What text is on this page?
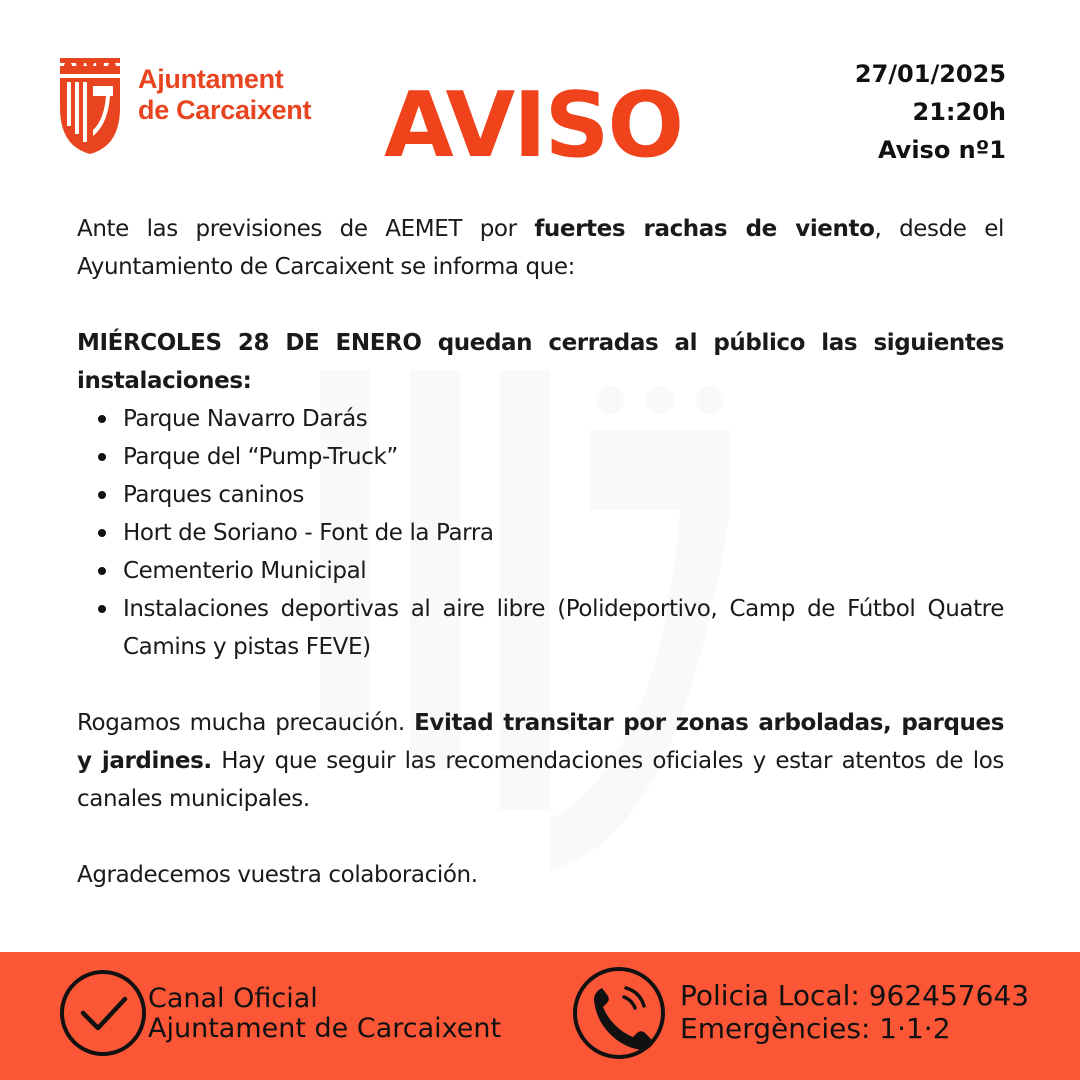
Ajuntament
de Carcaixent AVISO	27/01/2025
21:20h
Aviso nº1

Ante las previsiones de AEMET por fuertes rachas de viento, desde el Ayuntamiento de Carcaixent se informa que:

MIÉRCOLES 28 DE ENERO quedan cerradas al público las siguientes instalaciones:

Parque Navarro Darás
Parque del “Pump-Truck”
Parques caninos
Hort de Soriano - Font de la Parra
Cementerio Municipal
Instalaciones deportivas al aire libre (Polideportivo, Camp de Fútbol Quatre Camins y pistas FEVE)

Rogamos mucha precaución. Evitad transitar por zonas arboladas, parques y jardines. Hay que seguir las recomendaciones oficiales y estar atentos de los canales municipales.

Agradecemos vuestra colaboración.

Canal Oficial
Ajuntament de Carcaixent
Policia Local: 962457643
Emergències: 1·1·2
